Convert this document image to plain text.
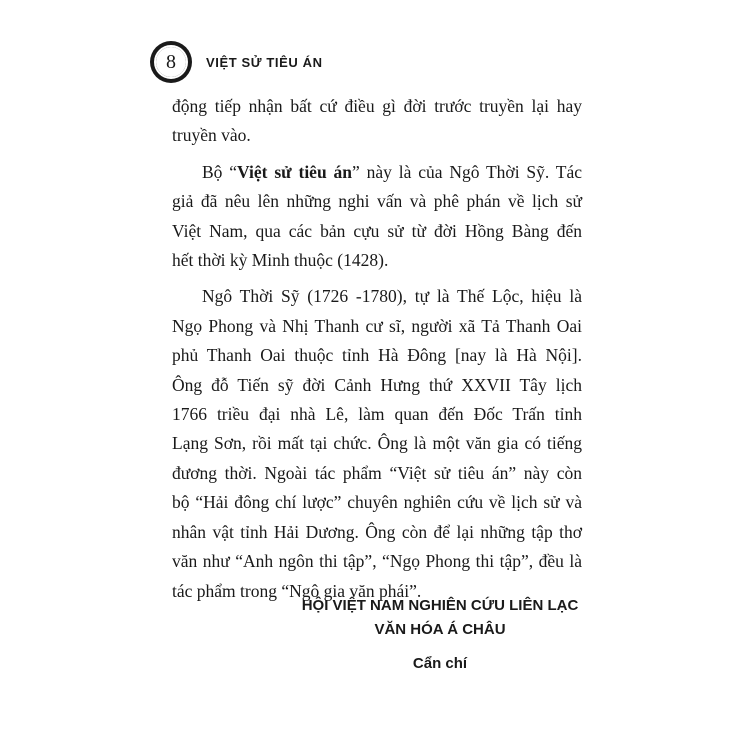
8	VIỆT SỬ TIÊU ÁN

động tiếp nhận bất cứ điều gì đời trước truyền lại hay
truyền vào.

Bộ “Việt sử tiêu án” này là của Ngô Thời Sỹ. Tác
giả đã nêu lên những nghi vấn và phê phán về lịch sử
Việt Nam, qua các bản cựu sử từ đời Hồng Bàng đến
hết thời kỳ Minh thuộc (1428).

Ngô Thời Sỹ (1726 -1780), tự là Thế Lộc, hiệu là
Ngọ Phong và Nhị Thanh cư sĩ, người xã Tả Thanh Oai
phủ Thanh Oai thuộc tỉnh Hà Đông [nay là Hà Nội].
Ông đỗ Tiến sỹ đời Cảnh Hưng thứ XXVII Tây lịch
1766 triều đại nhà Lê, làm quan đến Đốc Trấn tỉnh
Lạng Sơn, rồi mất tại chức. Ông là một văn gia có tiếng
đương thời. Ngoài tác phẩm “Việt sử tiêu án” này còn
bộ “Hải đông chí lược” chuyên nghiên cứu về lịch sử và
nhân vật tỉnh Hải Dương. Ông còn để lại những tập thơ
văn như “Anh ngôn thi tập”, “Ngọ Phong thi tập”, đều là
tác phẩm trong “Ngô gia văn phái”.

HỘI VIỆT NAM NGHIÊN CỨU LIÊN LẠC
VĂN HÓA Á CHÂU
Cẩn chí
